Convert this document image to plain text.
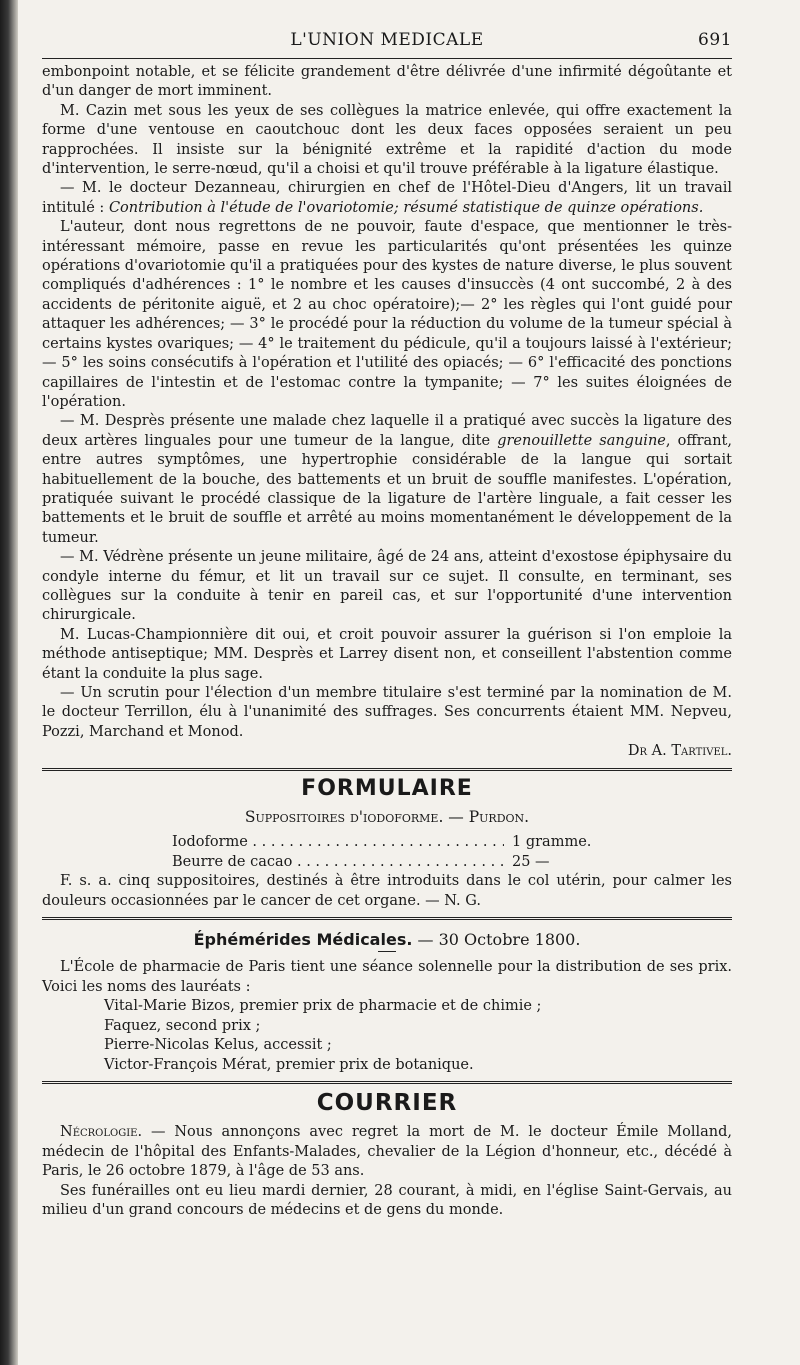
L'UNION MEDICALE	691

embonpoint notable, et se félicite grandement d'être délivrée d'une infirmité dégoûtante et d'un danger de mort imminent.

M. Cazin met sous les yeux de ses collègues la matrice enlevée, qui offre exactement la forme d'une ventouse en caoutchouc dont les deux faces opposées seraient un peu rapprochées. Il insiste sur la bénignité extrême et la rapidité d'action du mode d'intervention, le serre-nœud, qu'il a choisi et qu'il trouve préférable à la ligature élastique.

— M. le docteur Dezanneau, chirurgien en chef de l'Hôtel-Dieu d'Angers, lit un travail intitulé : Contribution à l'étude de l'ovariotomie; résumé statistique de quinze opérations.

L'auteur, dont nous regrettons de ne pouvoir, faute d'espace, que mentionner le très-intéressant mémoire, passe en revue les particularités qu'ont présentées les quinze opérations d'ovariotomie qu'il a pratiquées pour des kystes de nature diverse, le plus souvent compliqués d'adhérences : 1° le nombre et les causes d'insuccès (4 ont succombé, 2 à des accidents de péritonite aiguë, et 2 au choc opératoire);— 2° les règles qui l'ont guidé pour attaquer les adhérences; — 3° le procédé pour la réduction du volume de la tumeur spécial à certains kystes ovariques; — 4° le traitement du pédicule, qu'il a toujours laissé à l'extérieur; — 5° les soins consécutifs à l'opération et l'utilité des opiacés; — 6° l'efficacité des ponctions capillaires de l'intestin et de l'estomac contre la tympanite; — 7° les suites éloignées de l'opération.

— M. Desprès présente une malade chez laquelle il a pratiqué avec succès la ligature des deux artères linguales pour une tumeur de la langue, dite grenouillette sanguine, offrant, entre autres symptômes, une hypertrophie considérable de la langue qui sortait habituellement de la bouche, des battements et un bruit de souffle manifestes. L'opération, pratiquée suivant le procédé classique de la ligature de l'artère linguale, a fait cesser les battements et le bruit de souffle et arrêté au moins momentanément le développement de la tumeur.

— M. Védrène présente un jeune militaire, âgé de 24 ans, atteint d'exostose épiphysaire du condyle interne du fémur, et lit un travail sur ce sujet. Il consulte, en terminant, ses collègues sur la conduite à tenir en pareil cas, et sur l'opportunité d'une intervention chirurgicale.

M. Lucas-Championnière dit oui, et croit pouvoir assurer la guérison si l'on emploie la méthode antiseptique; MM. Desprès et Larrey disent non, et conseillent l'abstention comme étant la conduite la plus sage.

— Un scrutin pour l'élection d'un membre titulaire s'est terminé par la nomination de M. le docteur Terrillon, élu à l'unanimité des suffrages. Ses concurrents étaient MM. Nepveu, Pozzi, Marchand et Monod.

Dr A. Tartivel.

FORMULAIRE
Suppositoires d'iodoforme. — Purdon.
Iodoforme . . .	1 gramme.
Beurre de cacao . . .	25 —

F. s. a. cinq suppositoires, destinés à être introduits dans le col utérin, pour calmer les douleurs occasionnées par le cancer de cet organe. — N. G.

Éphémérides Médicales. — 30 Octobre 1800.

L'École de pharmacie de Paris tient une séance solennelle pour la distribution de ses prix. Voici les noms des lauréats :

Vital-Marie Bizos, premier prix de pharmacie et de chimie ;
Faquez, second prix ;
Pierre-Nicolas Kelus, accessit ;
Victor-François Mérat, premier prix de botanique.
COURRIER

Nécrologie. — Nous annonçons avec regret la mort de M. le docteur Émile Molland, médecin de l'hôpital des Enfants-Malades, chevalier de la Légion d'honneur, etc., décédé à Paris, le 26 octobre 1879, à l'âge de 53 ans.

Ses funérailles ont eu lieu mardi dernier, 28 courant, à midi, en l'église Saint-Gervais, au milieu d'un grand concours de médecins et de gens du monde.
